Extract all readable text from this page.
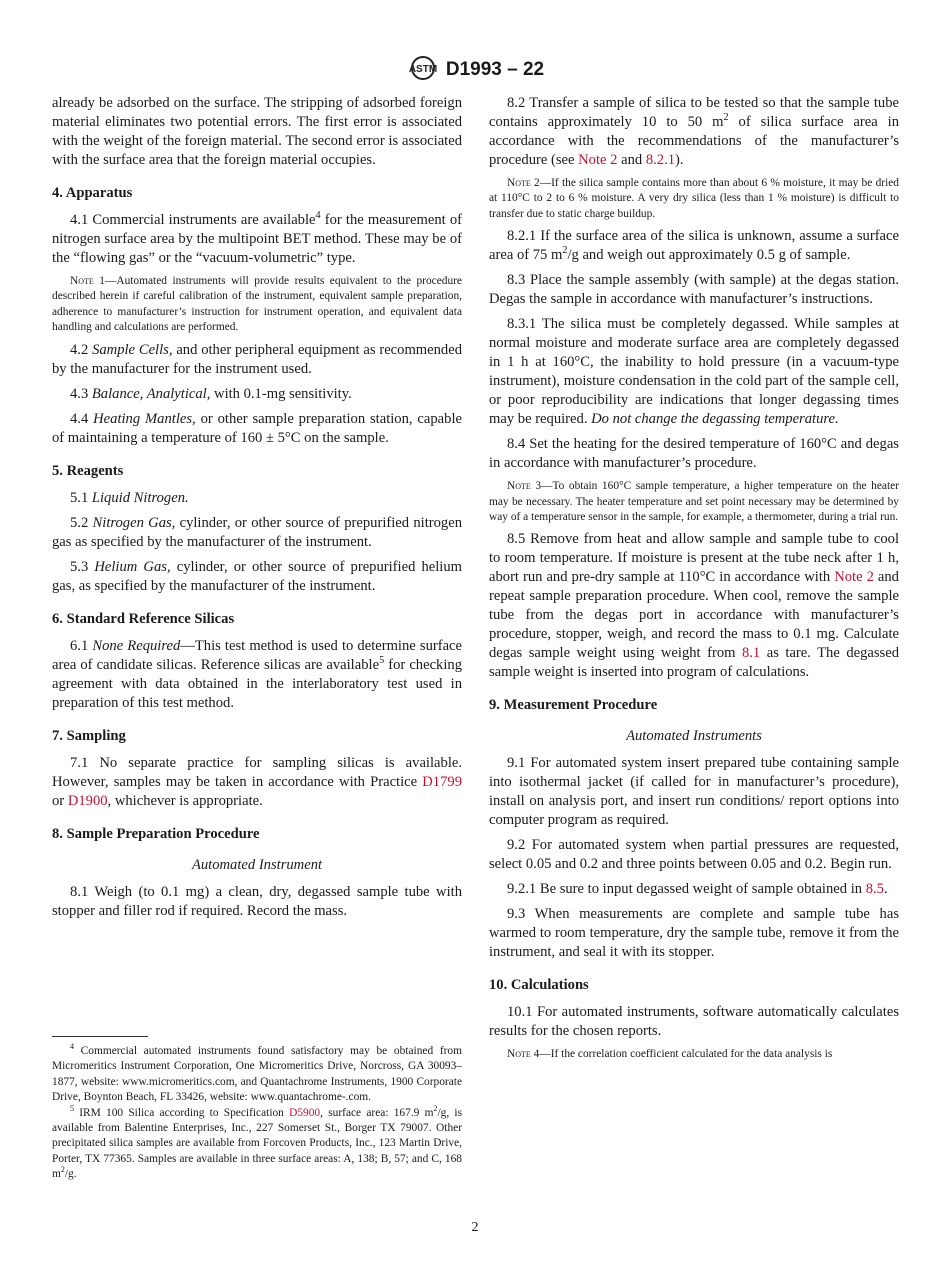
ASTM D1993 – 22
already be adsorbed on the surface. The stripping of adsorbed foreign material eliminates two potential errors. The first error is associated with the weight of the foreign material. The second error is associated with the surface area that the foreign material occupies.
4. Apparatus
4.1 Commercial instruments are available$^4$ for the measurement of nitrogen surface area by the multipoint BET method. These may be of the “flowing gas” or the “vacuum-volumetric” type.
Note 1—Automated instruments will provide results equivalent to the procedure described herein if careful calibration of the instrument, equivalent sample preparation, adherence to manufacturer’s instruction for instrument operation, and equivalent data handling and calculations are performed.
4.2 Sample Cells, and other peripheral equipment as recommended by the manufacturer for the instrument used.
4.3 Balance, Analytical, with 0.1-mg sensitivity.
4.4 Heating Mantles, or other sample preparation station, capable of maintaining a temperature of 160 ± 5°C on the sample.
5. Reagents
5.1 Liquid Nitrogen.
5.2 Nitrogen Gas, cylinder, or other source of prepurified nitrogen gas as specified by the manufacturer of the instrument.
5.3 Helium Gas, cylinder, or other source of prepurified helium gas, as specified by the manufacturer of the instrument.
6. Standard Reference Silicas
6.1 None Required—This test method is used to determine surface area of candidate silicas. Reference silicas are available$^5$ for checking agreement with data obtained in the interlaboratory test used in preparation of this test method.
7. Sampling
7.1 No separate practice for sampling silicas is available. However, samples may be taken in accordance with Practice D1799 or D1900, whichever is appropriate.
8. Sample Preparation Procedure
Automated Instrument
8.1 Weigh (to 0.1 mg) a clean, dry, degassed sample tube with stopper and filler rod if required. Record the mass.
8.2 Transfer a sample of silica to be tested so that the sample tube contains approximately 10 to 50 $m^2$ of silica surface area in accordance with the recommendations of the manufacturer’s procedure (see Note 2 and 8.2.1).
Note 2—If the silica sample contains more than about 6 % moisture, it may be dried at 110°C to 2 to 6 % moisture. A very dry silica (less than 1 % moisture) is difficult to transfer due to static charge buildup.
8.2.1 If the surface area of the silica is unknown, assume a surface area of 75 $m^2/g$ and weigh out approximately 0.5 g of sample.
8.3 Place the sample assembly (with sample) at the degas station. Degas the sample in accordance with manufacturer’s instructions.
8.3.1 The silica must be completely degassed. While samples at normal moisture and moderate surface area are completely degassed in 1 h at 160°C, the inability to hold pressure (in a vacuum-type instrument), moisture condensation in the cold part of the sample cell, or poor reproducibility are indications that longer degassing times may be required. Do not change the degassing temperature.
8.4 Set the heating for the desired temperature of 160°C and degas in accordance with manufacturer’s procedure.
Note 3—To obtain 160°C sample temperature, a higher temperature on the heater may be necessary. The heater temperature and set point necessary may be determined by way of a temperature sensor in the sample, for example, a thermometer, during a trial run.
8.5 Remove from heat and allow sample and sample tube to cool to room temperature. If moisture is present at the tube neck after 1 h, abort run and pre-dry sample at 110°C in accordance with Note 2 and repeat sample preparation procedure. When cool, remove the sample tube from the degas port in accordance with manufacturer’s procedure, stopper, weigh, and record the mass to 0.1 mg. Calculate degas sample weight using weight from 8.1 as tare. The degassed sample weight is inserted into program of calculations.
9. Measurement Procedure
Automated Instruments
9.1 For automated system insert prepared tube containing sample into isothermal jacket (if called for in manufacturer’s procedure), install on analysis port, and insert run conditions/ report options into computer program as required.
9.2 For automated system when partial pressures are requested, select 0.05 and 0.2 and three points between 0.05 and 0.2. Begin run.
9.2.1 Be sure to input degassed weight of sample obtained in 8.5.
9.3 When measurements are complete and sample tube has warmed to room temperature, dry the sample tube, remove it from the instrument, and seal it with its stopper.
10. Calculations
10.1 For automated instruments, software automatically calculates results for the chosen reports.
Note 4—If the correlation coefficient calculated for the data analysis is
$^4$ Commercial automated instruments found satisfactory may be obtained from Micromeritics Instrument Corporation, One Micromeritics Drive, Norcross, GA 30093–1877, website: www.micromeritics.com, and Quantachrome Instruments, 1900 Corporate Drive, Boynton Beach, FL 33426, website: www.quantachrome-.com.
$^5$ IRM 100 Silica according to Specification D5900, surface area: 167.9 $m^2/g$, is available from Balentine Enterprises, Inc., 227 Somerset St., Borger TX 79007. Other precipitated silica samples are available from Forcoven Products, Inc., 123 Martin Drive, Porter, TX 77365. Samples are available in three surface areas: A, 138; B, 57; and C, 168 $m^2/g$.
2
